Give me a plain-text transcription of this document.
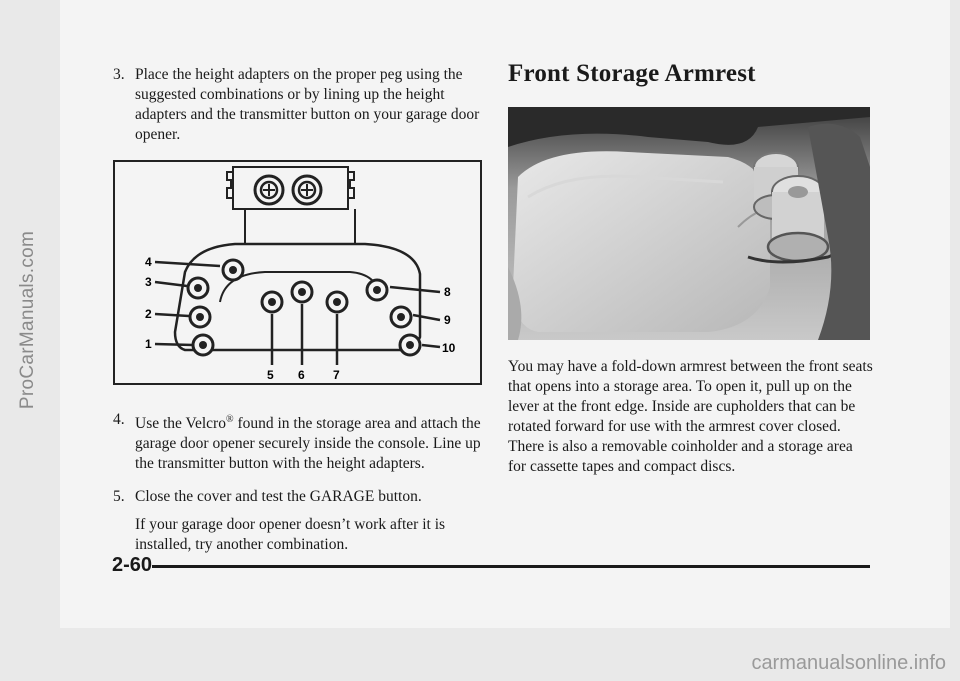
ProCarManuals.com
3. Place the height adapters on the proper peg using the suggested combinations or by lining up the height adapters and the transmitter button on your garage door opener.
4
3
2
1
8
9
10
5 6 7
4. Use the Velcro® found in the storage area and attach the garage door opener securely inside the console. Line up the transmitter button with the height adapters.
5. Close the cover and test the GARAGE button.
If your garage door opener doesn’t work after it is installed, try another combination.
Front Storage Armrest
You may have a fold-down armrest between the front seats that opens into a storage area. To open it, pull up on the lever at the front edge. Inside are cupholders that can be rotated forward for use with the armrest cover closed. There is also a removable coinholder and a storage area for cassette tapes and compact discs.
2-60
carmanualsonline.info
